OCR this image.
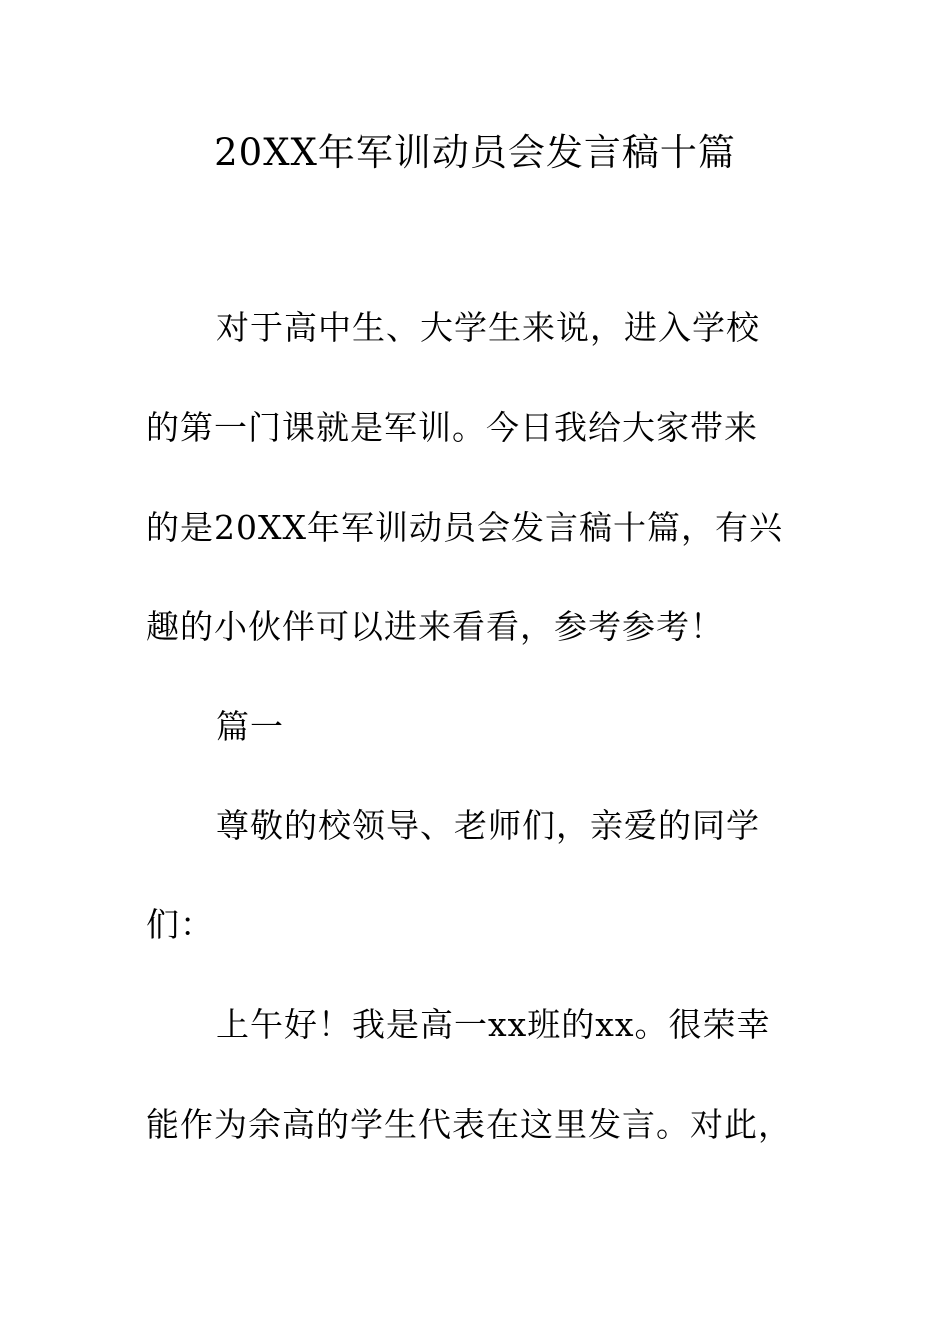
20XX年军训动员会发言稿十篇
对于高中生、大学生来说，进入学校
的第一门课就是军训。今日我给大家带来
的是20XX年军训动员会发言稿十篇，有兴
趣的小伙伴可以进来看看，参考参考！
篇一
尊敬的校领导、老师们，亲爱的同学
们：
上午好！我是高一xx班的xx。很荣幸
能作为余高的学生代表在这里发言。对此，
